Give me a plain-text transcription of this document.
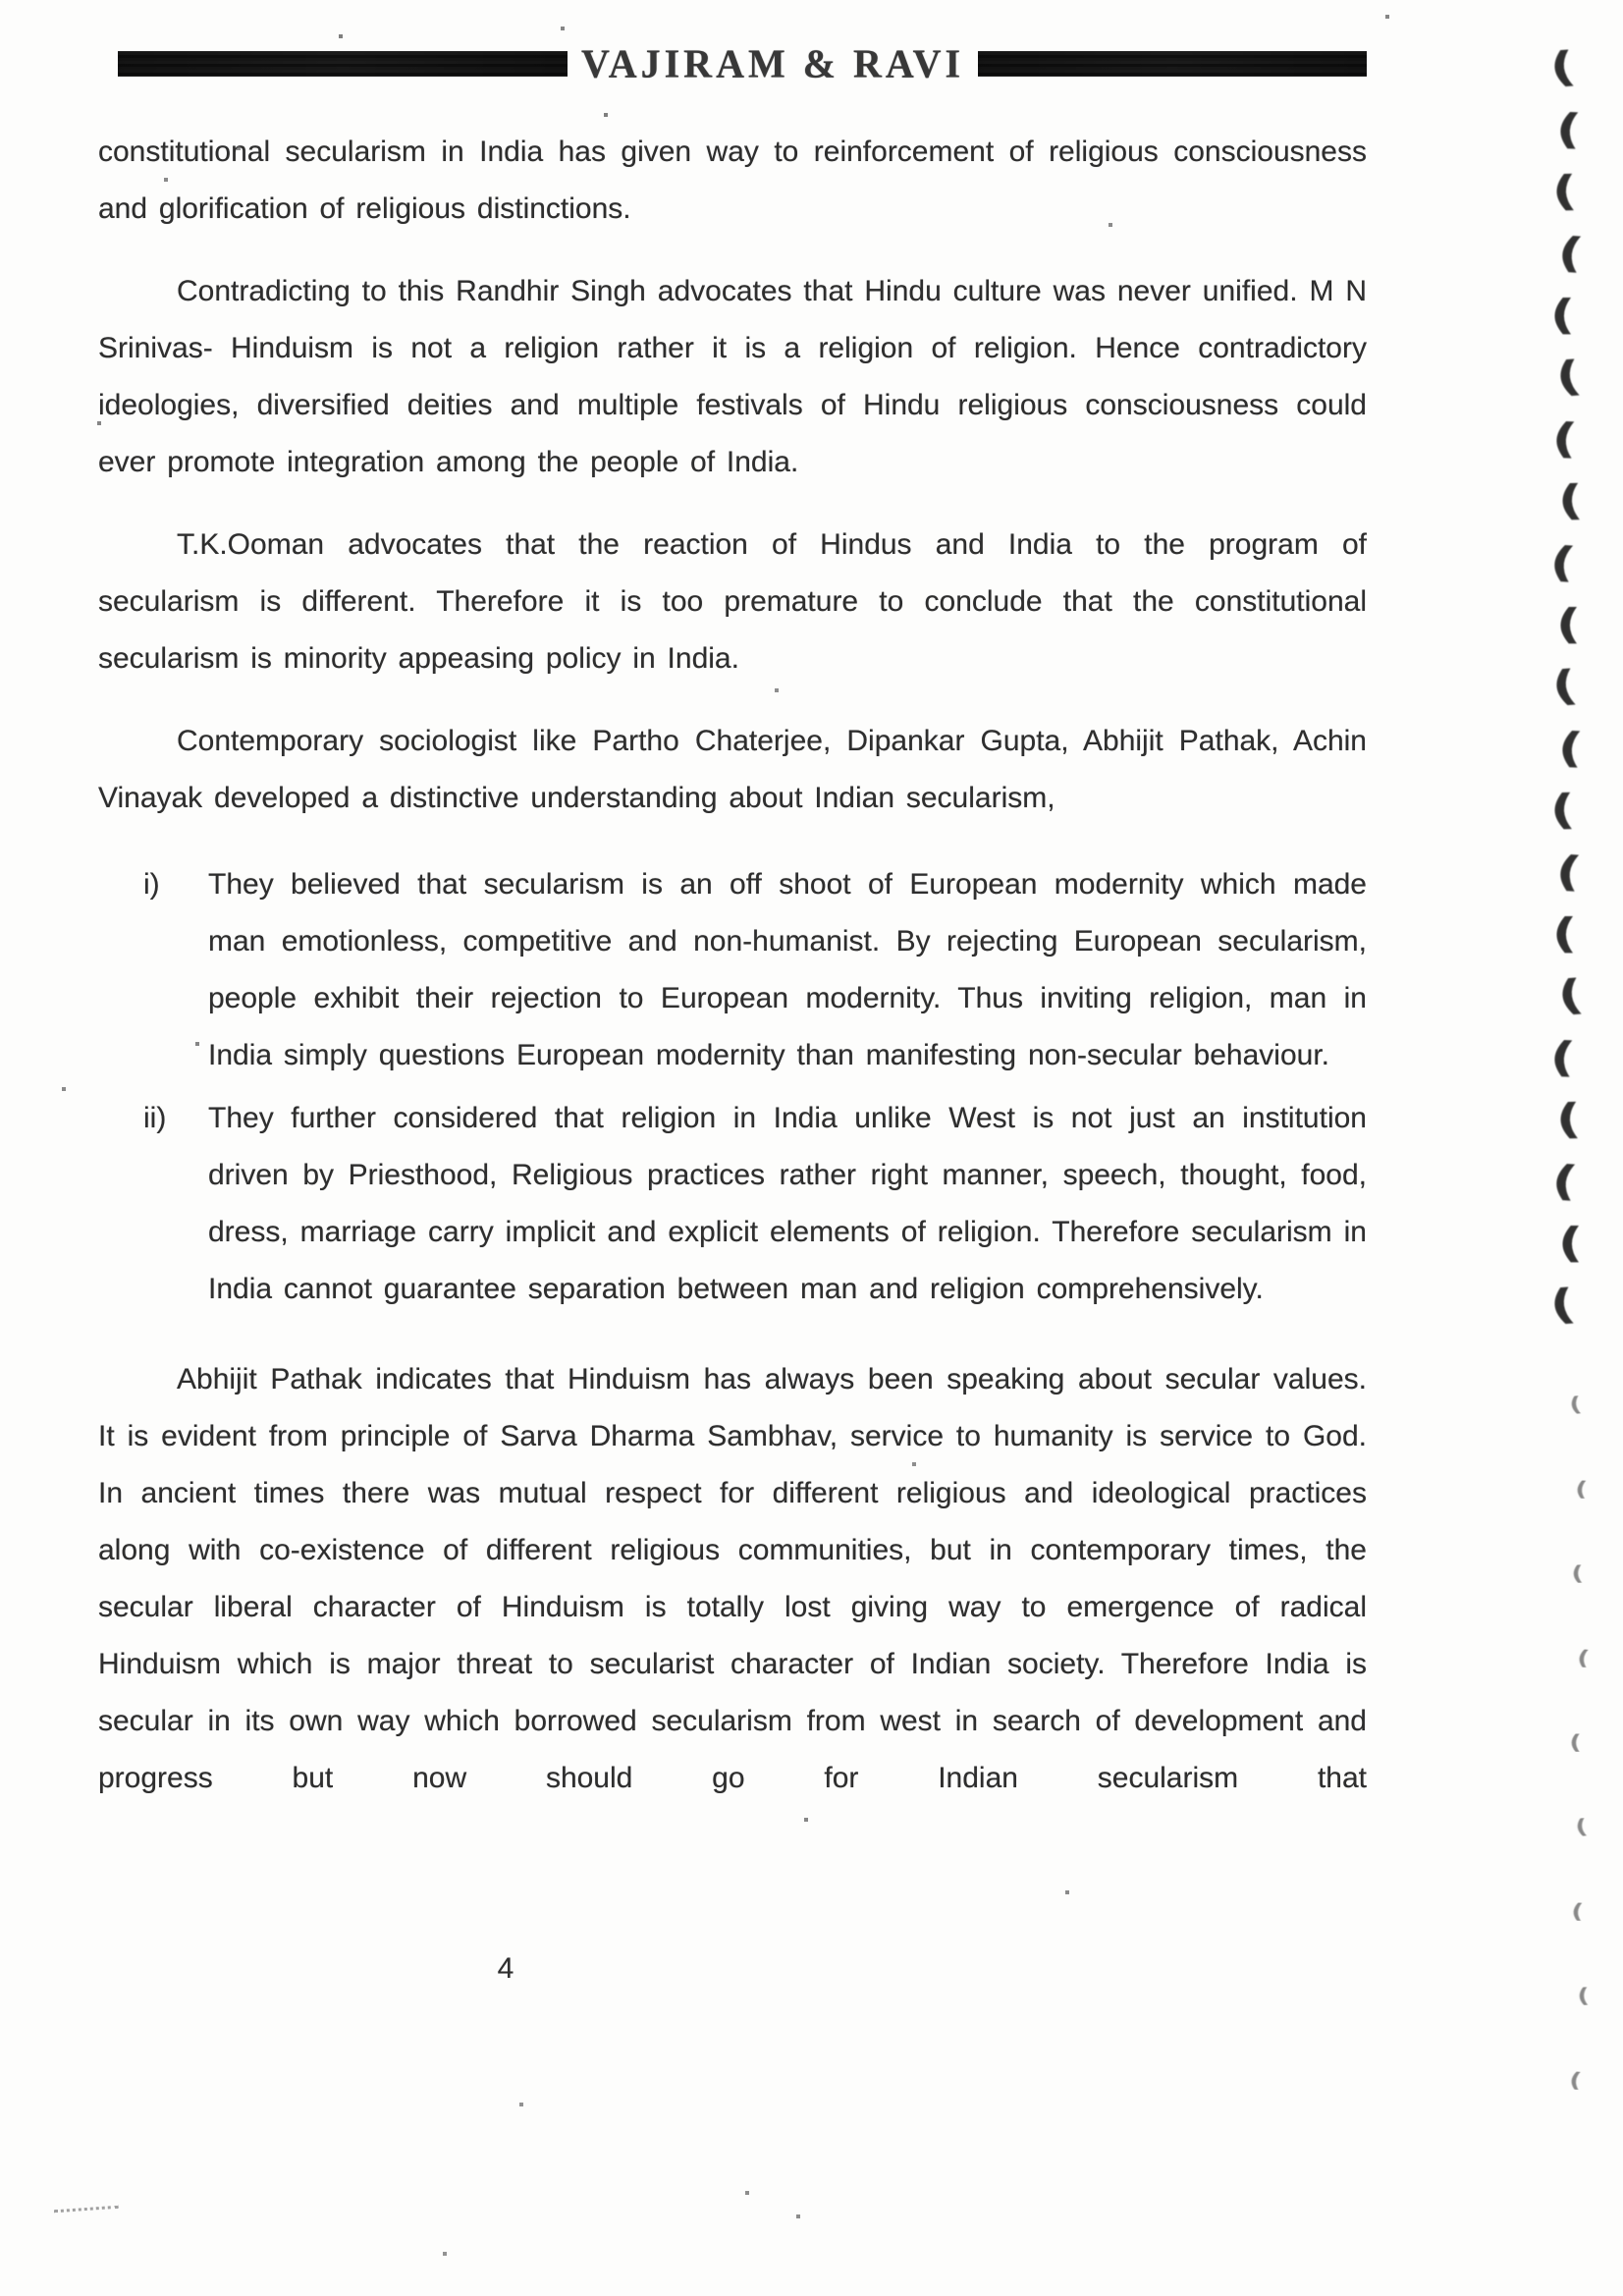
VAJIRAM & RAVI

constitutional secularism in India has given way to reinforcement of religious consciousness and glorification of religious distinctions.

Contradicting to this Randhir Singh advocates that Hindu culture was never unified. M N Srinivas- Hinduism is not a religion rather it is a religion of religion. Hence contradictory ideologies, diversified deities and multiple festivals of Hindu religious consciousness could ever promote integration among the people of India.

T.K.Ooman advocates that the reaction of Hindus and India to the program of secularism is different. Therefore it is too premature to conclude that the constitutional secularism is minority appeasing policy in India.

Contemporary sociologist like Partho Chaterjee, Dipankar Gupta, Abhijit Pathak, Achin Vinayak developed a distinctive understanding about Indian secularism,

i)	They believed that secularism is an off shoot of European modernity which made man emotionless, competitive and non-humanist. By rejecting European secularism, people exhibit their rejection to European modernity. Thus inviting religion, man in India simply questions European modernity than manifesting non-secular behaviour.
ii)	They further considered that religion in India unlike West is not just an institution driven by Priesthood, Religious practices rather right manner, speech, thought, food, dress, marriage carry implicit and explicit elements of religion. Therefore secularism in India cannot guarantee separation between man and religion comprehensively.

Abhijit Pathak indicates that Hinduism has always been speaking about secular values. It is evident from principle of Sarva Dharma Sambhav, service to humanity is service to God. In ancient times there was mutual respect for different religious and ideological practices along with co-existence of different religious communities, but in contemporary times, the secular liberal character of Hinduism is totally lost giving way to emergence of radical Hinduism which is major threat to secularist character of Indian society. Therefore India is secular in its own way which borrowed secularism from west in search of development and progress but now should go for Indian secularism that

4
(
(
(
(
(
(
(
(
(
(
(
(
(
(
(
(
(
(
(
(
(
(
(
(
(
(
(
(
(
(
